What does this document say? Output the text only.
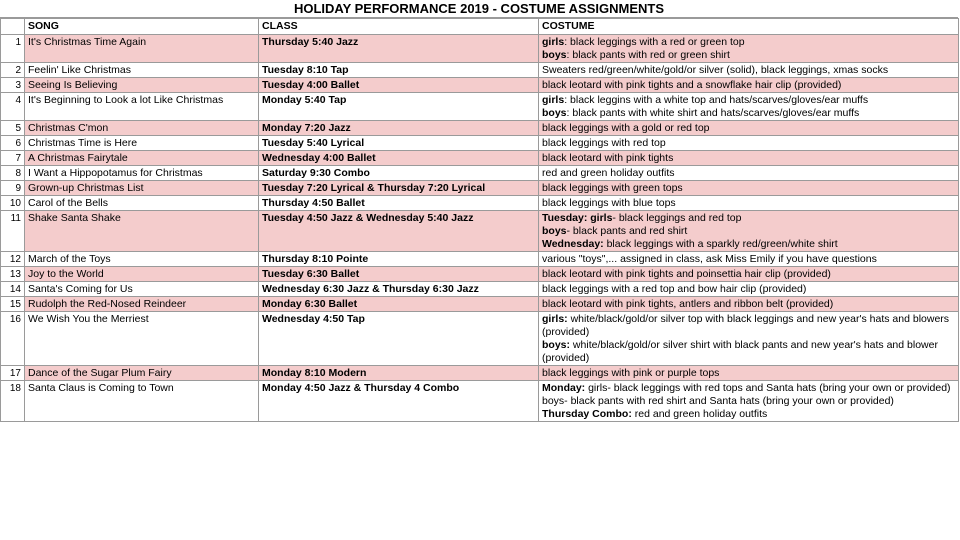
HOLIDAY PERFORMANCE 2019 - COSTUME ASSIGNMENTS
	SONG	CLASS	COSTUME
1	It's Christmas Time Again	Thursday 5:40 Jazz	girls: black leggings with a red or green top
boys: black pants with red or green shirt

2	Feelin' Like Christmas	Tuesday 8:10 Tap	Sweaters red/green/white/gold/or silver (solid), black leggings, xmas socks

3	Seeing Is Believing	Tuesday 4:00 Ballet	black leotard with pink tights and a snowflake hair clip (provided)

4	It's Beginning to Look a lot Like Christmas	Monday 5:40 Tap	girls: black leggins with a white top and hats/scarves/gloves/ear muffs
boys: black pants with white shirt and hats/scarves/gloves/ear muffs

5	Christmas C'mon	Monday 7:20 Jazz	black leggings with a gold or red top

6	Christmas Time is Here	Tuesday 5:40 Lyrical	black leggings with red top

7	A Christmas Fairytale	Wednesday 4:00 Ballet	black leotard with pink tights

8	I Want a Hippopotamus for Christmas	Saturday 9:30 Combo	red and green holiday outfits

9	Grown-up Christmas List	Tuesday 7:20 Lyrical & Thursday 7:20 Lyrical	black leggings with green tops

10	Carol of the Bells	Thursday 4:50 Ballet	black leggings with blue tops

11	Shake Santa Shake	Tuesday 4:50 Jazz & Wednesday 5:40 Jazz	Tuesday: girls- black leggings and red top
boys- black pants and red shirt
Wednesday: black leggings with a sparkly red/green/white shirt

12	March of the Toys	Thursday 8:10 Pointe	various "toys",... assigned in class, ask Miss Emily if you have questions

13	Joy to the World	Tuesday 6:30 Ballet	black leotard with pink tights and poinsettia hair clip (provided)

14	Santa's Coming for Us	Wednesday 6:30 Jazz & Thursday 6:30 Jazz	black leggings with a red top and bow hair clip (provided)

15	Rudolph the Red-Nosed Reindeer	Monday 6:30 Ballet	black leotard with pink tights, antlers and ribbon belt (provided)

16	We Wish You the Merriest	Wednesday 4:50 Tap	girls: white/black/gold/or silver top with black leggings and new year's hats and blowers (provided)
boys: white/black/gold/or silver shirt with black pants and new year's hats and blower (provided)

17	Dance of the Sugar Plum Fairy	Monday 8:10 Modern	black leggings with pink or purple tops

18	Santa Claus is Coming to Town	Monday 4:50 Jazz & Thursday 4 Combo	Monday: girls- black leggings with red tops and Santa hats (bring your own or provided)
boys- black pants with red shirt and Santa hats (bring your own or provided)
Thursday Combo: red and green holiday outfits
